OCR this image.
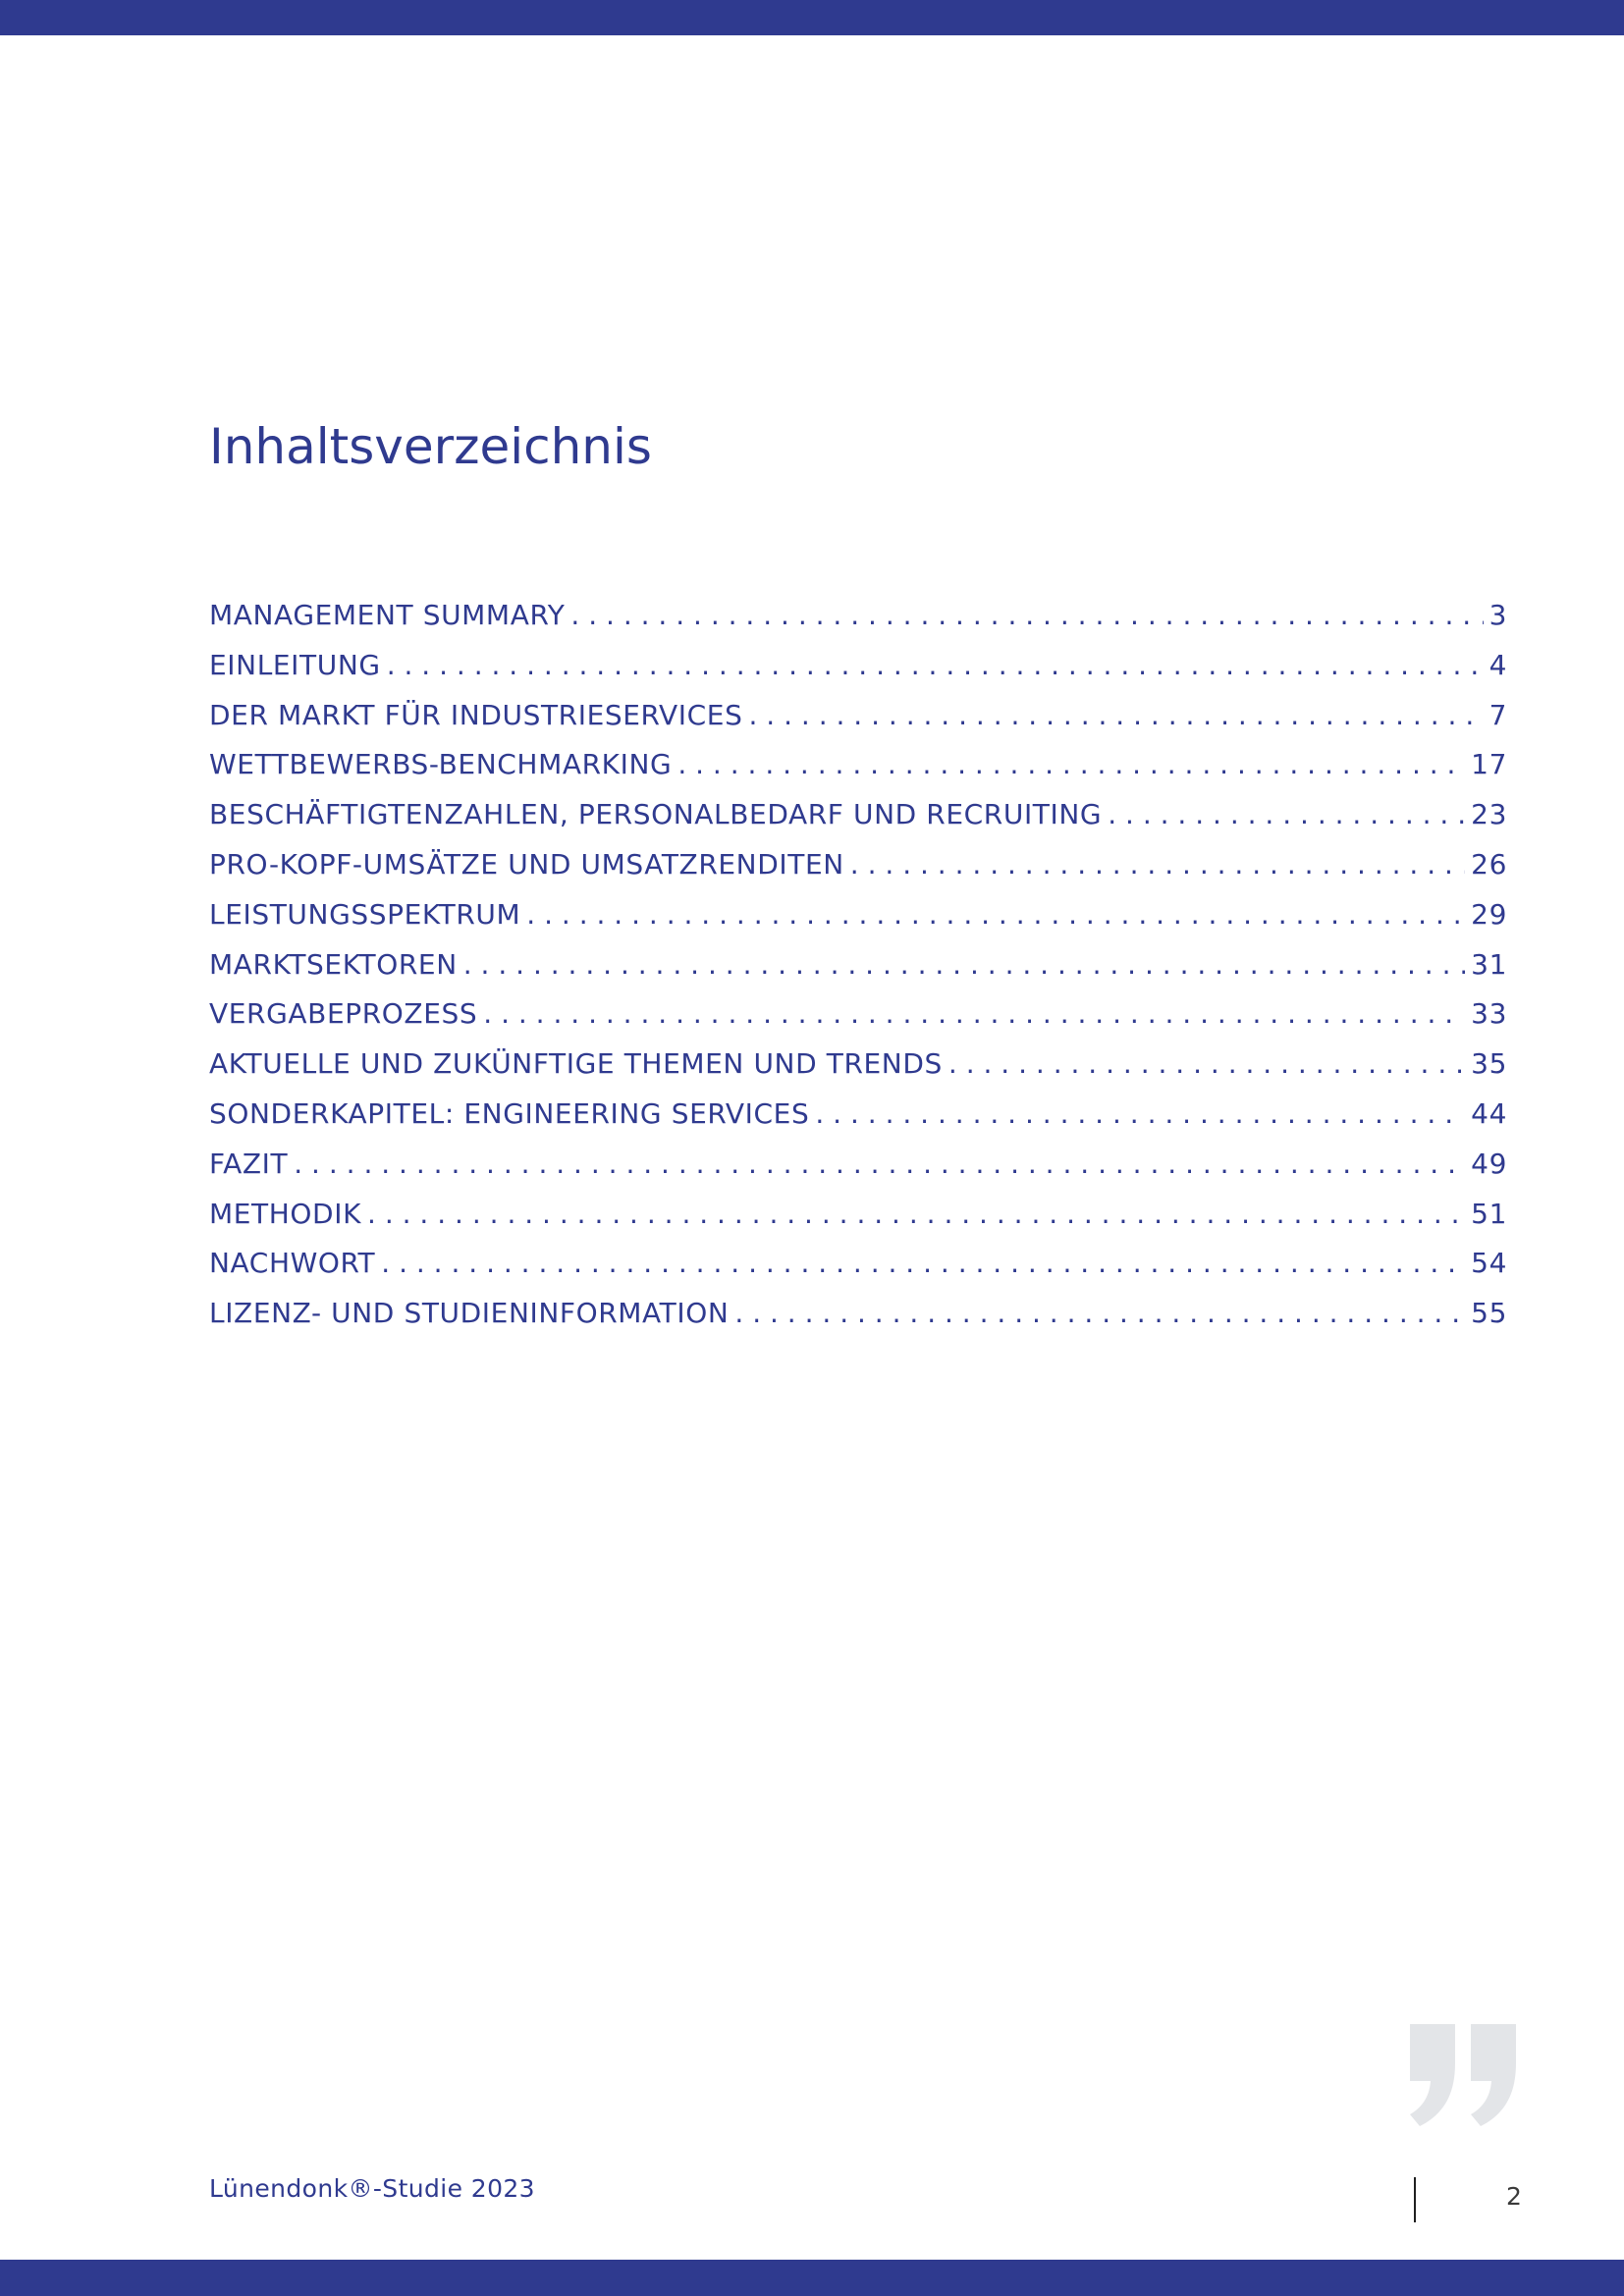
Inhaltsverzeichnis
MANAGEMENT SUMMARY . . .	3
EINLEITUNG . . .	4
DER MARKT FÜR INDUSTRIESERVICES . . .	7
WETTBEWERBS-BENCHMARKING . . .	17
BESCHÄFTIGTENZAHLEN, PERSONALBEDARF UND RECRUITING . . .	23
PRO-KOPF-UMSÄTZE UND UMSATZRENDITEN . . .	26
LEISTUNGSSPEKTRUM . . .	29
MARKTSEKTOREN . . .	31
VERGABEPROZESS . . .	33
AKTUELLE UND ZUKÜNFTIGE THEMEN UND TRENDS . . .	35
SONDERKAPITEL: ENGINEERING SERVICES . . .	44
FAZIT . . .	49
METHODIK . . .	51
NACHWORT . . .	54
LIZENZ- UND STUDIENINFORMATION . . .	55
Lünendonk®-Studie 2023	2
